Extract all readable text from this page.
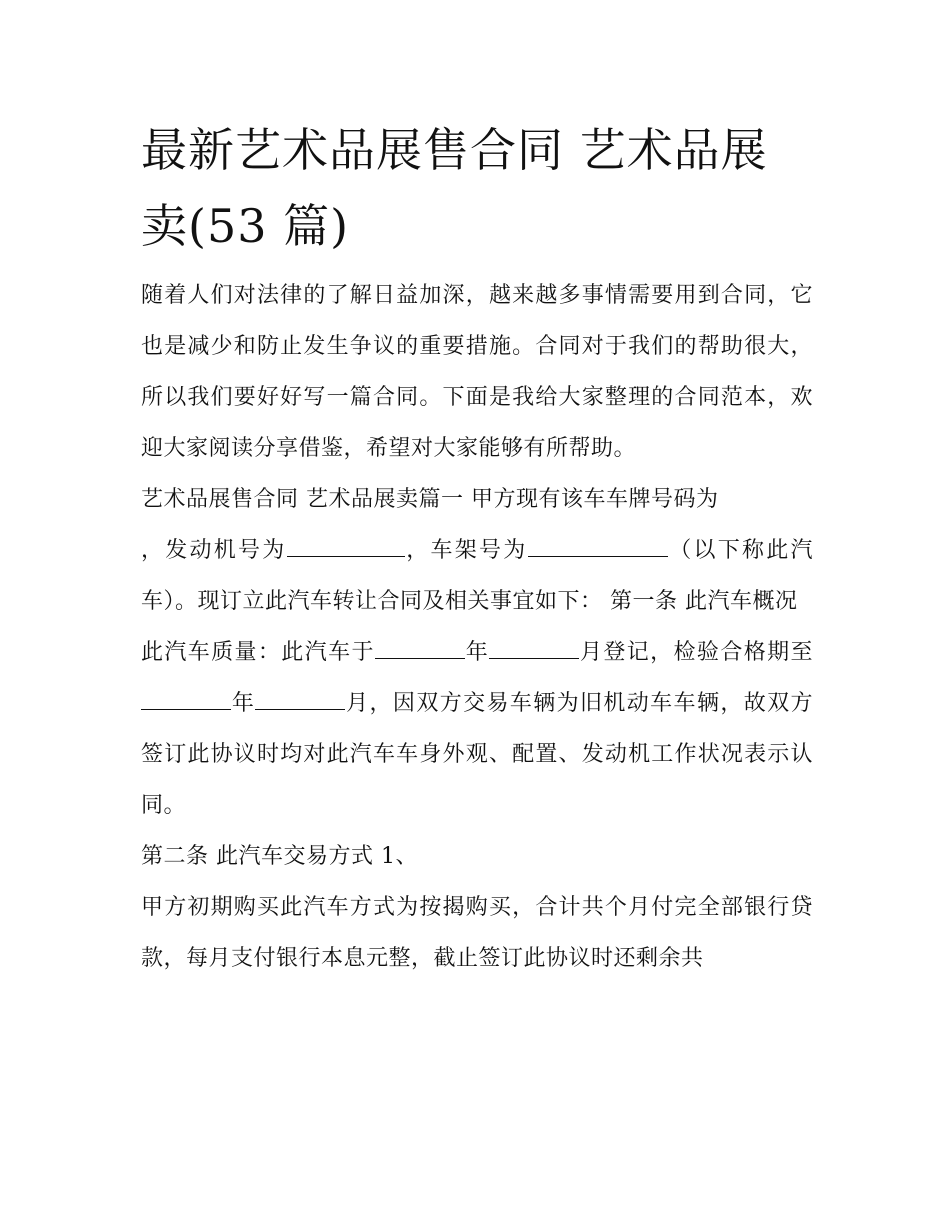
最新艺术品展售合同 艺术品展卖(53 篇)

随着人们对法律的了解日益加深，越来越多事情需要用到合同，它也是减少和防止发生争议的重要措施。合同对于我们的帮助很大，所以我们要好好写一篇合同。下面是我给大家整理的合同范本，欢迎大家阅读分享借鉴，希望对大家能够有所帮助。

艺术品展售合同 艺术品展卖篇一 甲方现有该车车牌号码为

，发动机号为	，车架号为	（以下称此汽车）。现订立此汽车转让合同及相关事宜如下： 第一条 此汽车概况

此汽车质量：此汽车于	年	月登记，检验合格期至年	月，因双方交易车辆为旧机动车车辆，故双方签订此协议时均对此汽车车身外观、配置、发动机工作状况表示认同。

第二条 此汽车交易方式 1、

甲方初期购买此汽车方式为按揭购买，合计共个月付完全部银行贷款，每月支付银行本息元整，截止签订此协议时还剩余共
